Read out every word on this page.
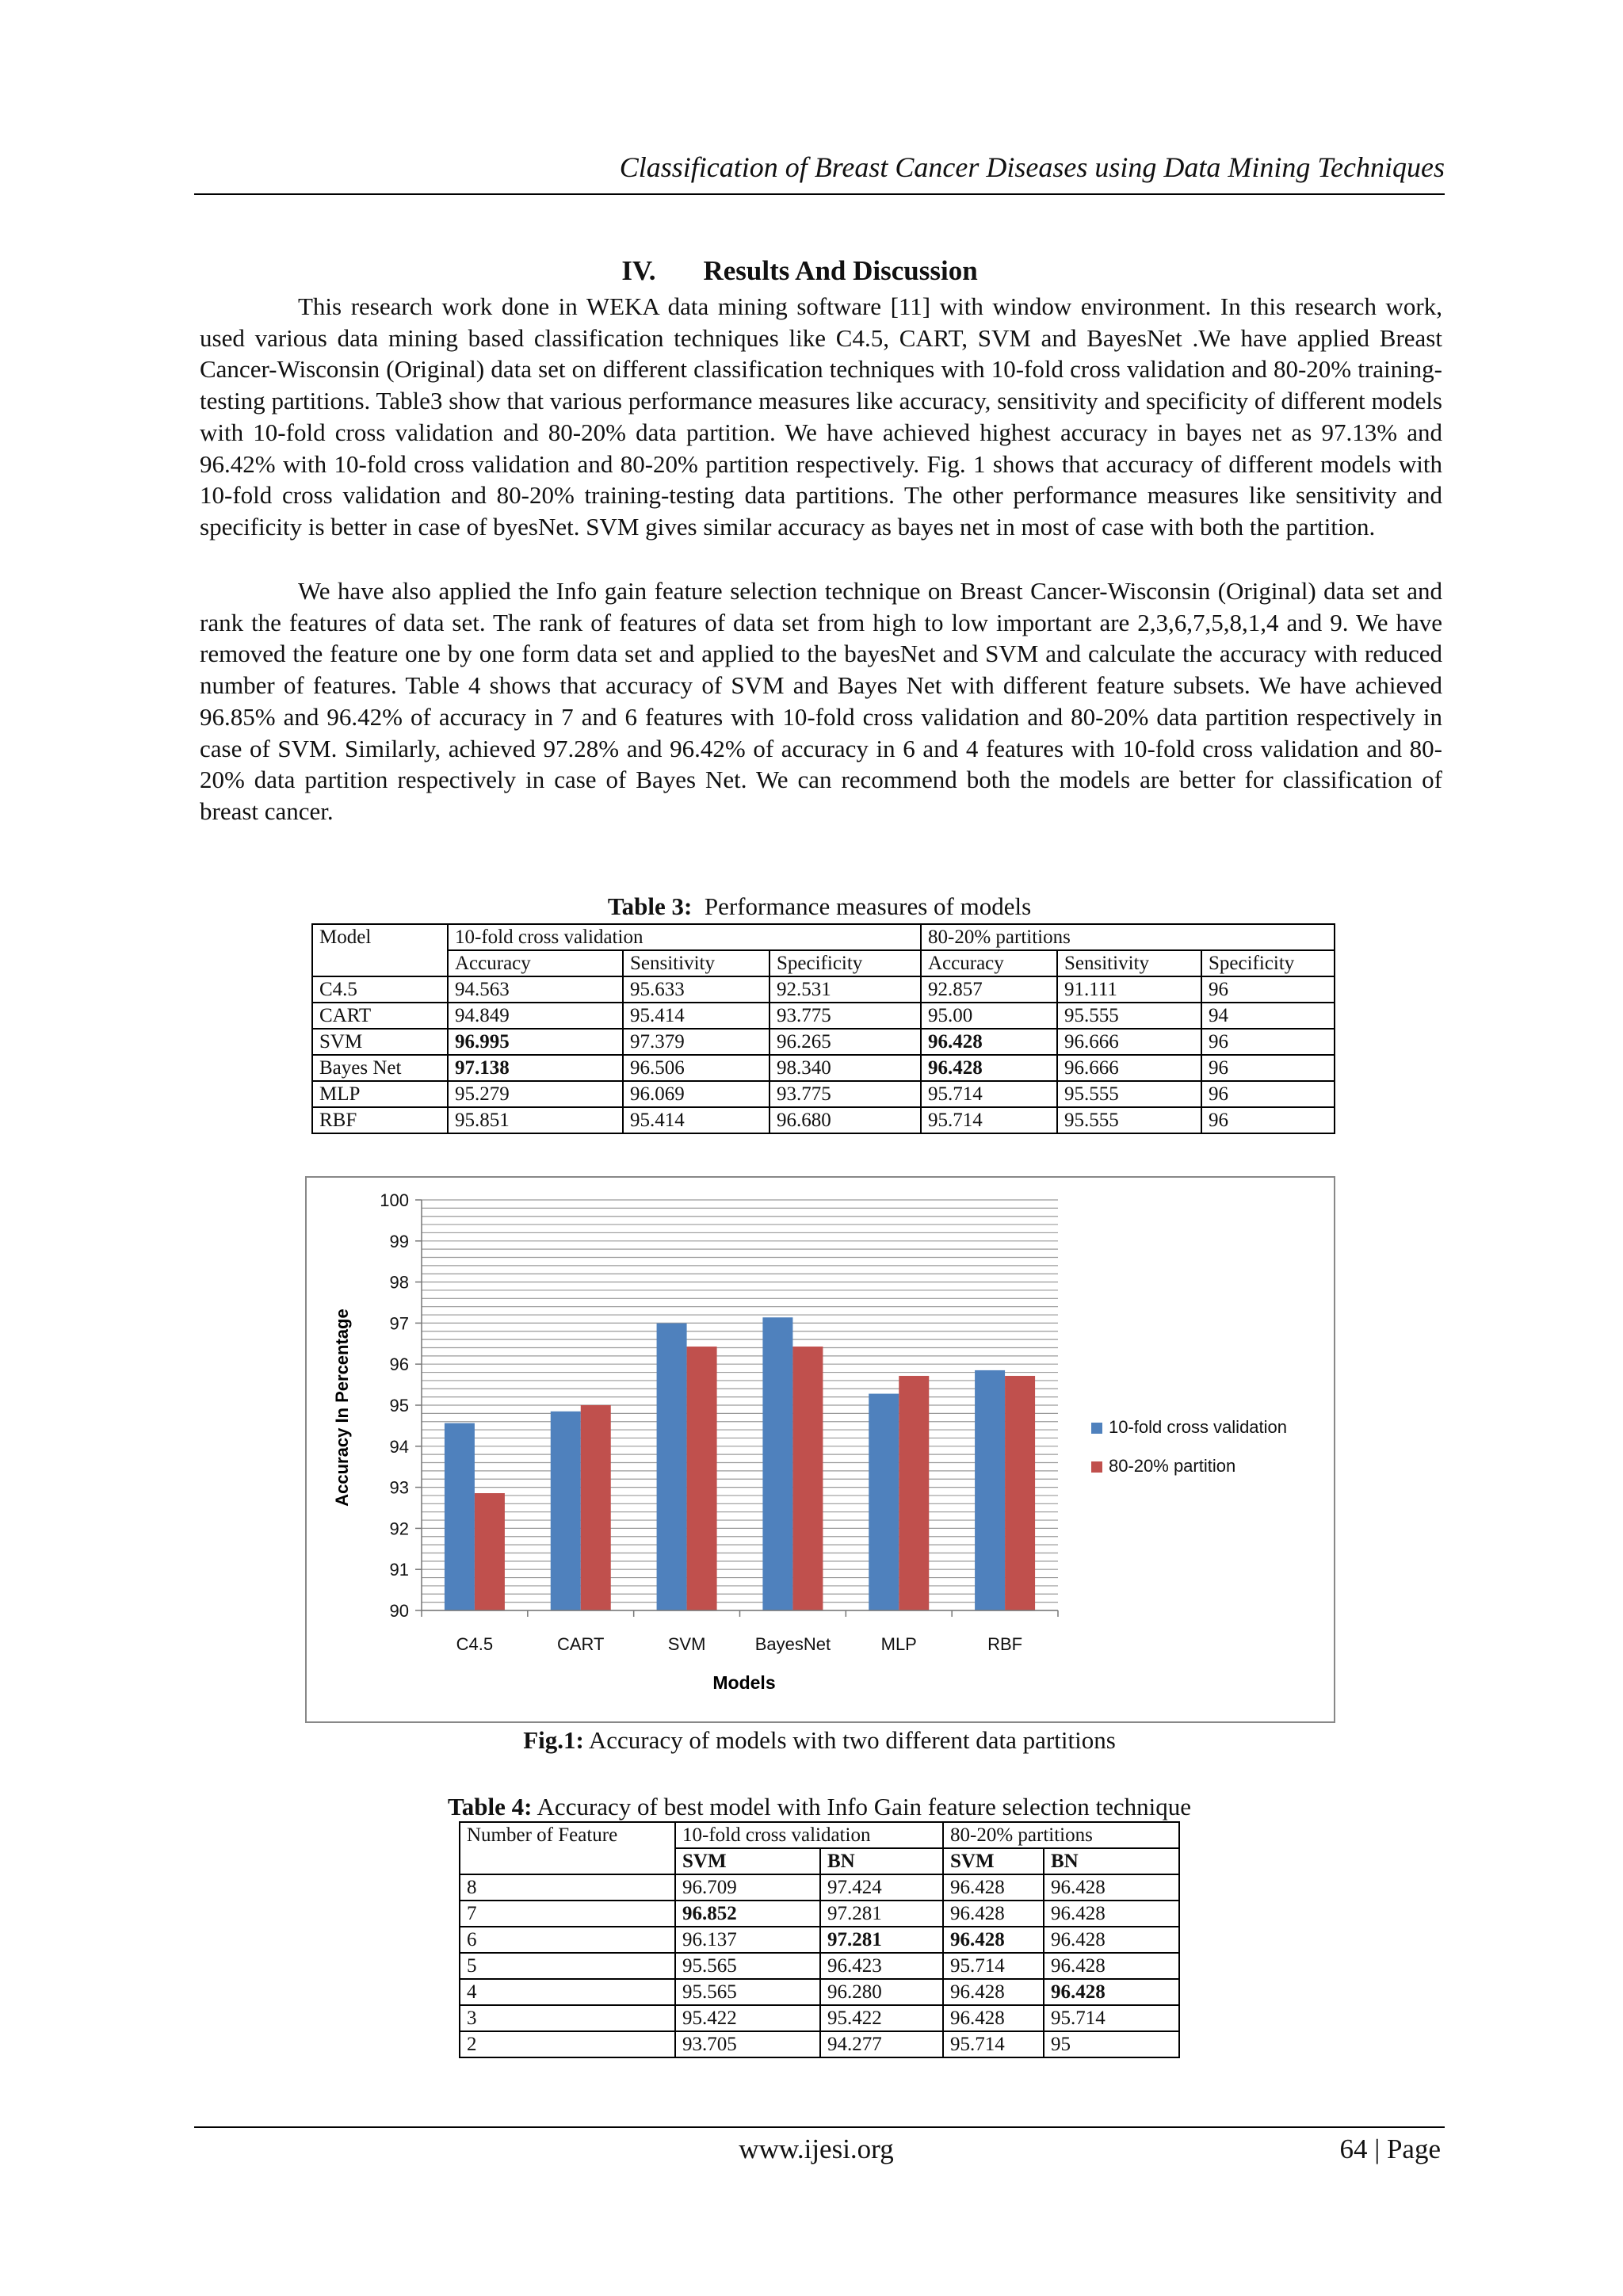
Classification of Breast Cancer Diseases using Data Mining Techniques
IV. Results And Discussion

This research work done in WEKA data mining software [11] with window environment. In this research work, used various data mining based classification techniques like C4.5, CART, SVM and BayesNet .We have applied Breast Cancer-Wisconsin (Original) data set on different classification techniques with 10-fold cross validation and 80-20% training-testing partitions. Table3 show that various performance measures like accuracy, sensitivity and specificity of different models with 10-fold cross validation and 80-20% data partition. We have achieved highest accuracy in bayes net as 97.13% and 96.42% with 10-fold cross validation and 80-20% partition respectively. Fig. 1 shows that accuracy of different models with 10-fold cross validation and 80-20% training-testing data partitions. The other performance measures like sensitivity and specificity is better in case of byesNet. SVM gives similar accuracy as bayes net in most of case with both the partition.

We have also applied the Info gain feature selection technique on Breast Cancer-Wisconsin (Original) data set and rank the features of data set. The rank of features of data set from high to low important are 2,3,6,7,5,8,1,4 and 9. We have removed the feature one by one form data set and applied to the bayesNet and SVM and calculate the accuracy with reduced number of features. Table 4 shows that accuracy of SVM and Bayes Net with different feature subsets. We have achieved 96.85% and 96.42% of accuracy in 7 and 6 features with 10-fold cross validation and 80-20% data partition respectively in case of SVM. Similarly, achieved 97.28% and 96.42% of accuracy in 6 and 4 features with 10-fold cross validation and 80-20% data partition respectively in case of Bayes Net. We can recommend both the models are better for classification of breast cancer.

Table 3: Performance measures of models
Model	10-fold cross validation			80-20% partitions		
	Accuracy	Sensitivity	Specificity	Accuracy	Sensitivity	Specificity
C4.5	94.563	95.633	92.531	92.857	91.111	96
CART	94.849	95.414	93.775	95.00	95.555	94
SVM	96.995	97.379	96.265	96.428	96.666	96
Bayes Net	97.138	96.506	98.340	96.428	96.666	96
MLP	95.279	96.069	93.775	95.714	95.555	96
RBF	95.851	95.414	96.680	95.714	95.555	96
90
91
92
93
94
95
96
97
98
99
100
C4.5	CART	SVM	BayesNet	MLP	RBF
Accuracy In Percentage
Models
10-fold cross validation
80-20% partition
Fig.1: Accuracy of models with two different data partitions
Table 4: Accuracy of best model with Info Gain feature selection technique
Number of Feature	10-fold cross validation		80-20% partitions	
	SVM	BN	SVM	BN
8	96.709	97.424	96.428	96.428
7	96.852	97.281	96.428	96.428
6	96.137	97.281	96.428	96.428
5	95.565	96.423	95.714	96.428
4	95.565	96.280	96.428	96.428
3	95.422	95.422	96.428	95.714
2	93.705	94.277	95.714	95
www.ijesi.org	64 | Page
